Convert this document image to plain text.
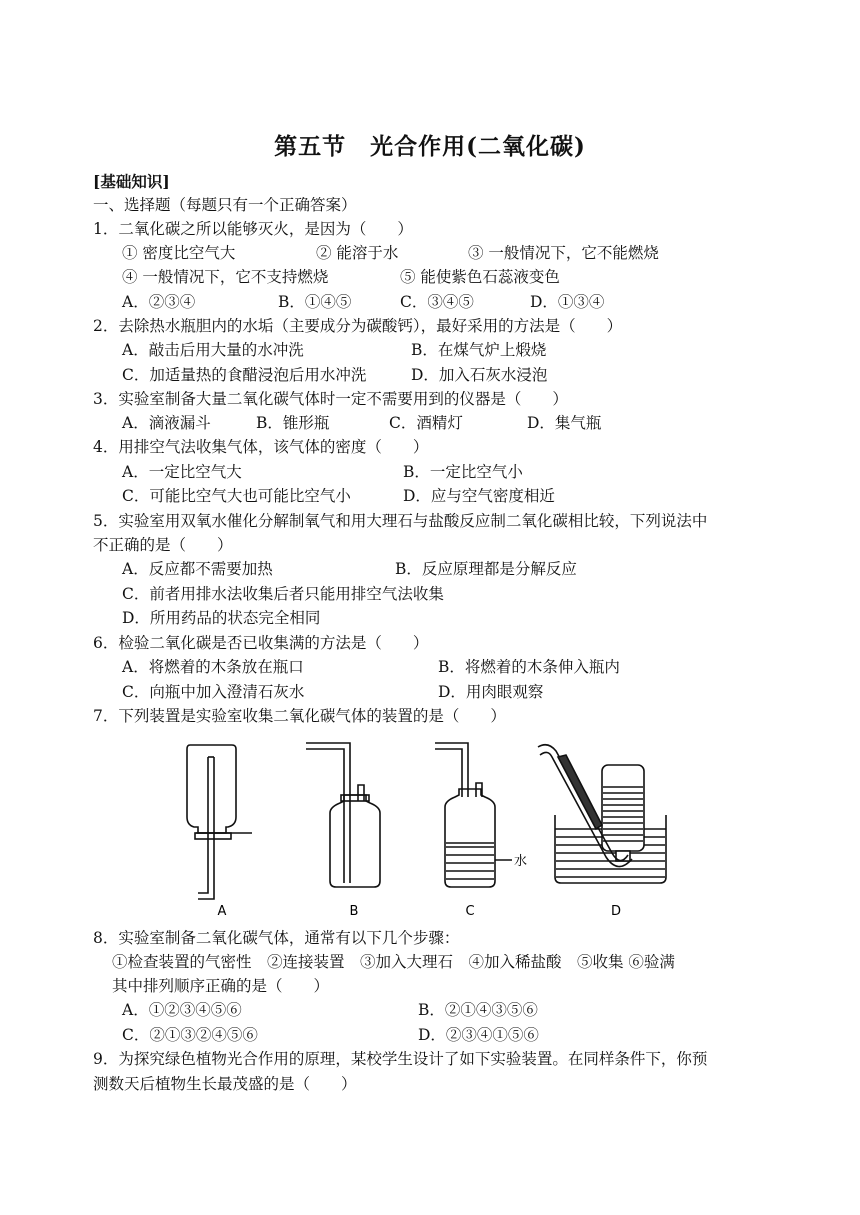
第五节　光合作用(二氧化碳)
[基础知识]
一、选择题（每题只有一个正确答案）
1．二氧化碳之所以能够灭火，是因为（　　）
① 密度比空气大	② 能溶于水	③ 一般情况下，它不能燃烧
④ 一般情况下，它不支持燃烧	⑤ 能使紫色石蕊液变色
A．②③④	B．①④⑤	C．③④⑤	D．①③④
2．去除热水瓶胆内的水垢（主要成分为碳酸钙），最好采用的方法是（　　）
A．敲击后用大量的水冲洗	B．在煤气炉上煅烧
C．加适量热的食醋浸泡后用水冲洗	D．加入石灰水浸泡
3．实验室制备大量二氧化碳气体时一定不需要用到的仪器是（　　）
A．滴液漏斗	B．锥形瓶	C．酒精灯	D．集气瓶
4．用排空气法收集气体，该气体的密度（　　）
A．一定比空气大	B．一定比空气小
C．可能比空气大也可能比空气小	D．应与空气密度相近
5．实验室用双氧水催化分解制氧气和用大理石与盐酸反应制二氧化碳相比较，下列说法中
不正确的是（　　）
A．反应都不需要加热	B．反应原理都是分解反应
C．前者用排水法收集后者只能用排空气法收集
D．所用药品的状态完全相同
6．检验二氧化碳是否已收集满的方法是（　　）
A．将燃着的木条放在瓶口	B．将燃着的木条伸入瓶内
C．向瓶中加入澄清石灰水	D．用肉眼观察
7．下列装置是实验室收集二氧化碳气体的装置的是（　　）
水
A	B	C	D
8．实验室制备二氧化碳气体，通常有以下几个步骤：
①检查装置的气密性　②连接装置　③加入大理石　④加入稀盐酸　⑤收集 ⑥验满
其中排列顺序正确的是（　　）
A．①②③④⑤⑥	B．②①④③⑤⑥
C．②①③②④⑤⑥	D．②③④①⑤⑥
9．为探究绿色植物光合作用的原理，某校学生设计了如下实验装置。在同样条件下，你预
测数天后植物生长最茂盛的是（　　）
